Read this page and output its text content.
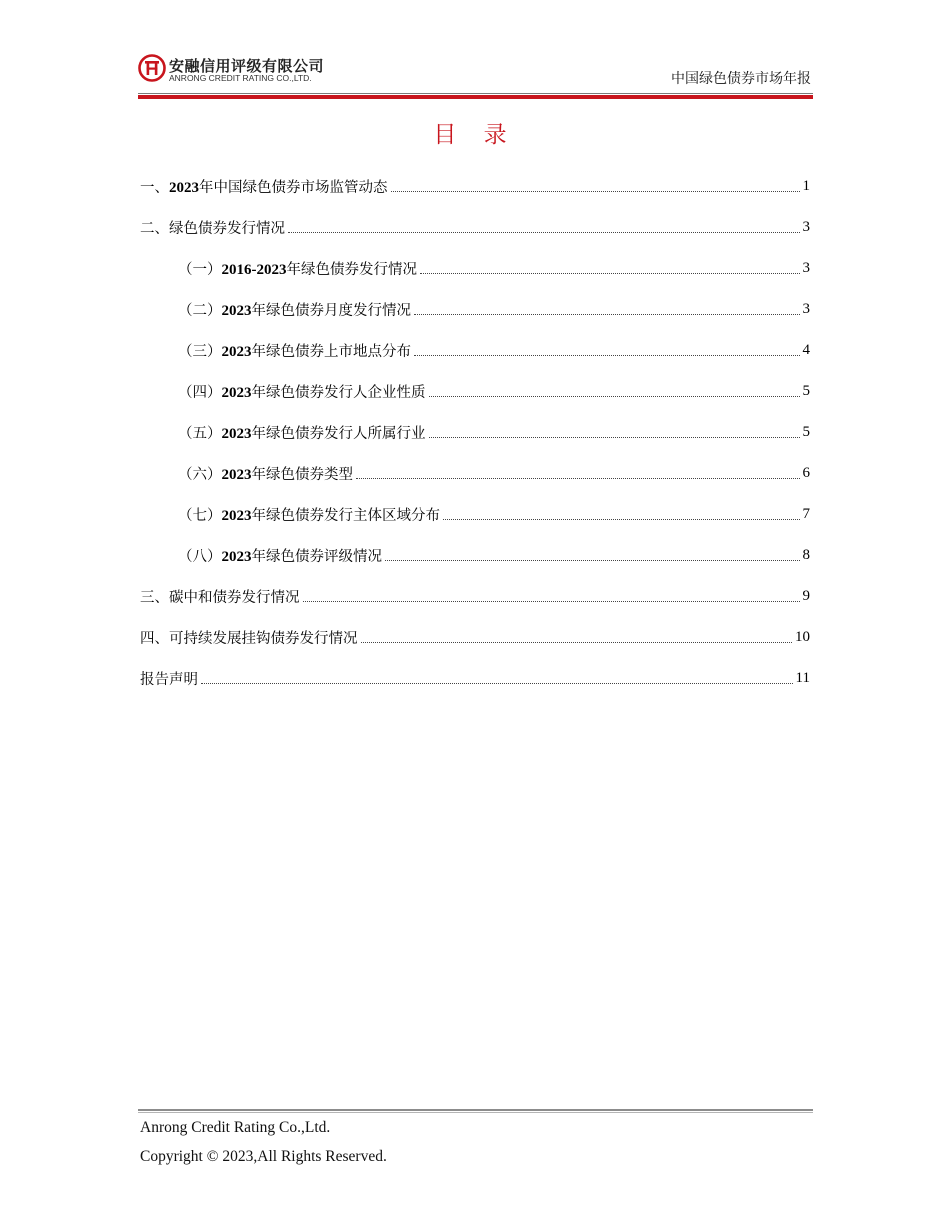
安融信用评级有限公司
ANRONG CREDIT RATING CO.,LTD.	中国绿色债券市场年报
目 录
一、2023年中国绿色债券市场监管动态	1
二、绿色债券发行情况	3
（一）2016-2023年绿色债券发行情况	3
（二）2023年绿色债券月度发行情况	3
（三）2023年绿色债券上市地点分布	4
（四）2023年绿色债券发行人企业性质	5
（五）2023年绿色债券发行人所属行业	5
（六）2023年绿色债券类型	6
（七）2023年绿色债券发行主体区域分布	7
（八）2023年绿色债券评级情况	8
三、碳中和债券发行情况	9
四、可持续发展挂钩债券发行情况	10
报告声明	11
Anrong Credit Rating Co.,Ltd.
Copyright © 2023,All Rights Reserved.
